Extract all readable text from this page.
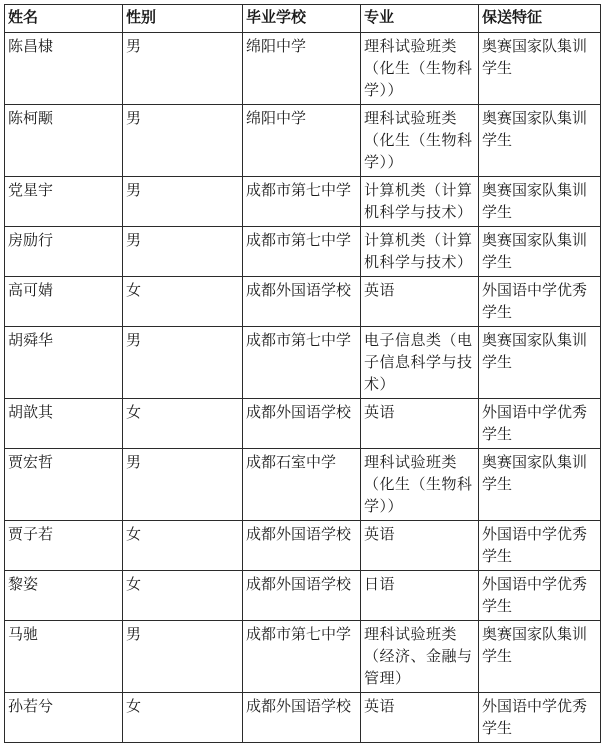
姓名	性别	毕业学校	专业	保送特征
陈昌棣	男	绵阳中学	理科试验班类（化生（生物科学））	奥赛国家队集训学生
陈柯颙	男	绵阳中学	理科试验班类（化生（生物科学））	奥赛国家队集训学生
党星宇	男	成都市第七中学	计算机类（计算机科学与技术）	奥赛国家队集训学生
房励行	男	成都市第七中学	计算机类（计算机科学与技术）	奥赛国家队集训学生
高可婧	女	成都外国语学校	英语	外国语中学优秀学生
胡舜华	男	成都市第七中学	电子信息类（电子信息科学与技术）	奥赛国家队集训学生
胡歆其	女	成都外国语学校	英语	外国语中学优秀学生
贾宏哲	男	成都石室中学	理科试验班类（化生（生物科学））	奥赛国家队集训学生
贾子若	女	成都外国语学校	英语	外国语中学优秀学生
黎姿	女	成都外国语学校	日语	外国语中学优秀学生
马驰	男	成都市第七中学	理科试验班类（经济、金融与管理）	奥赛国家队集训学生
孙若兮	女	成都外国语学校	英语	外国语中学优秀学生
